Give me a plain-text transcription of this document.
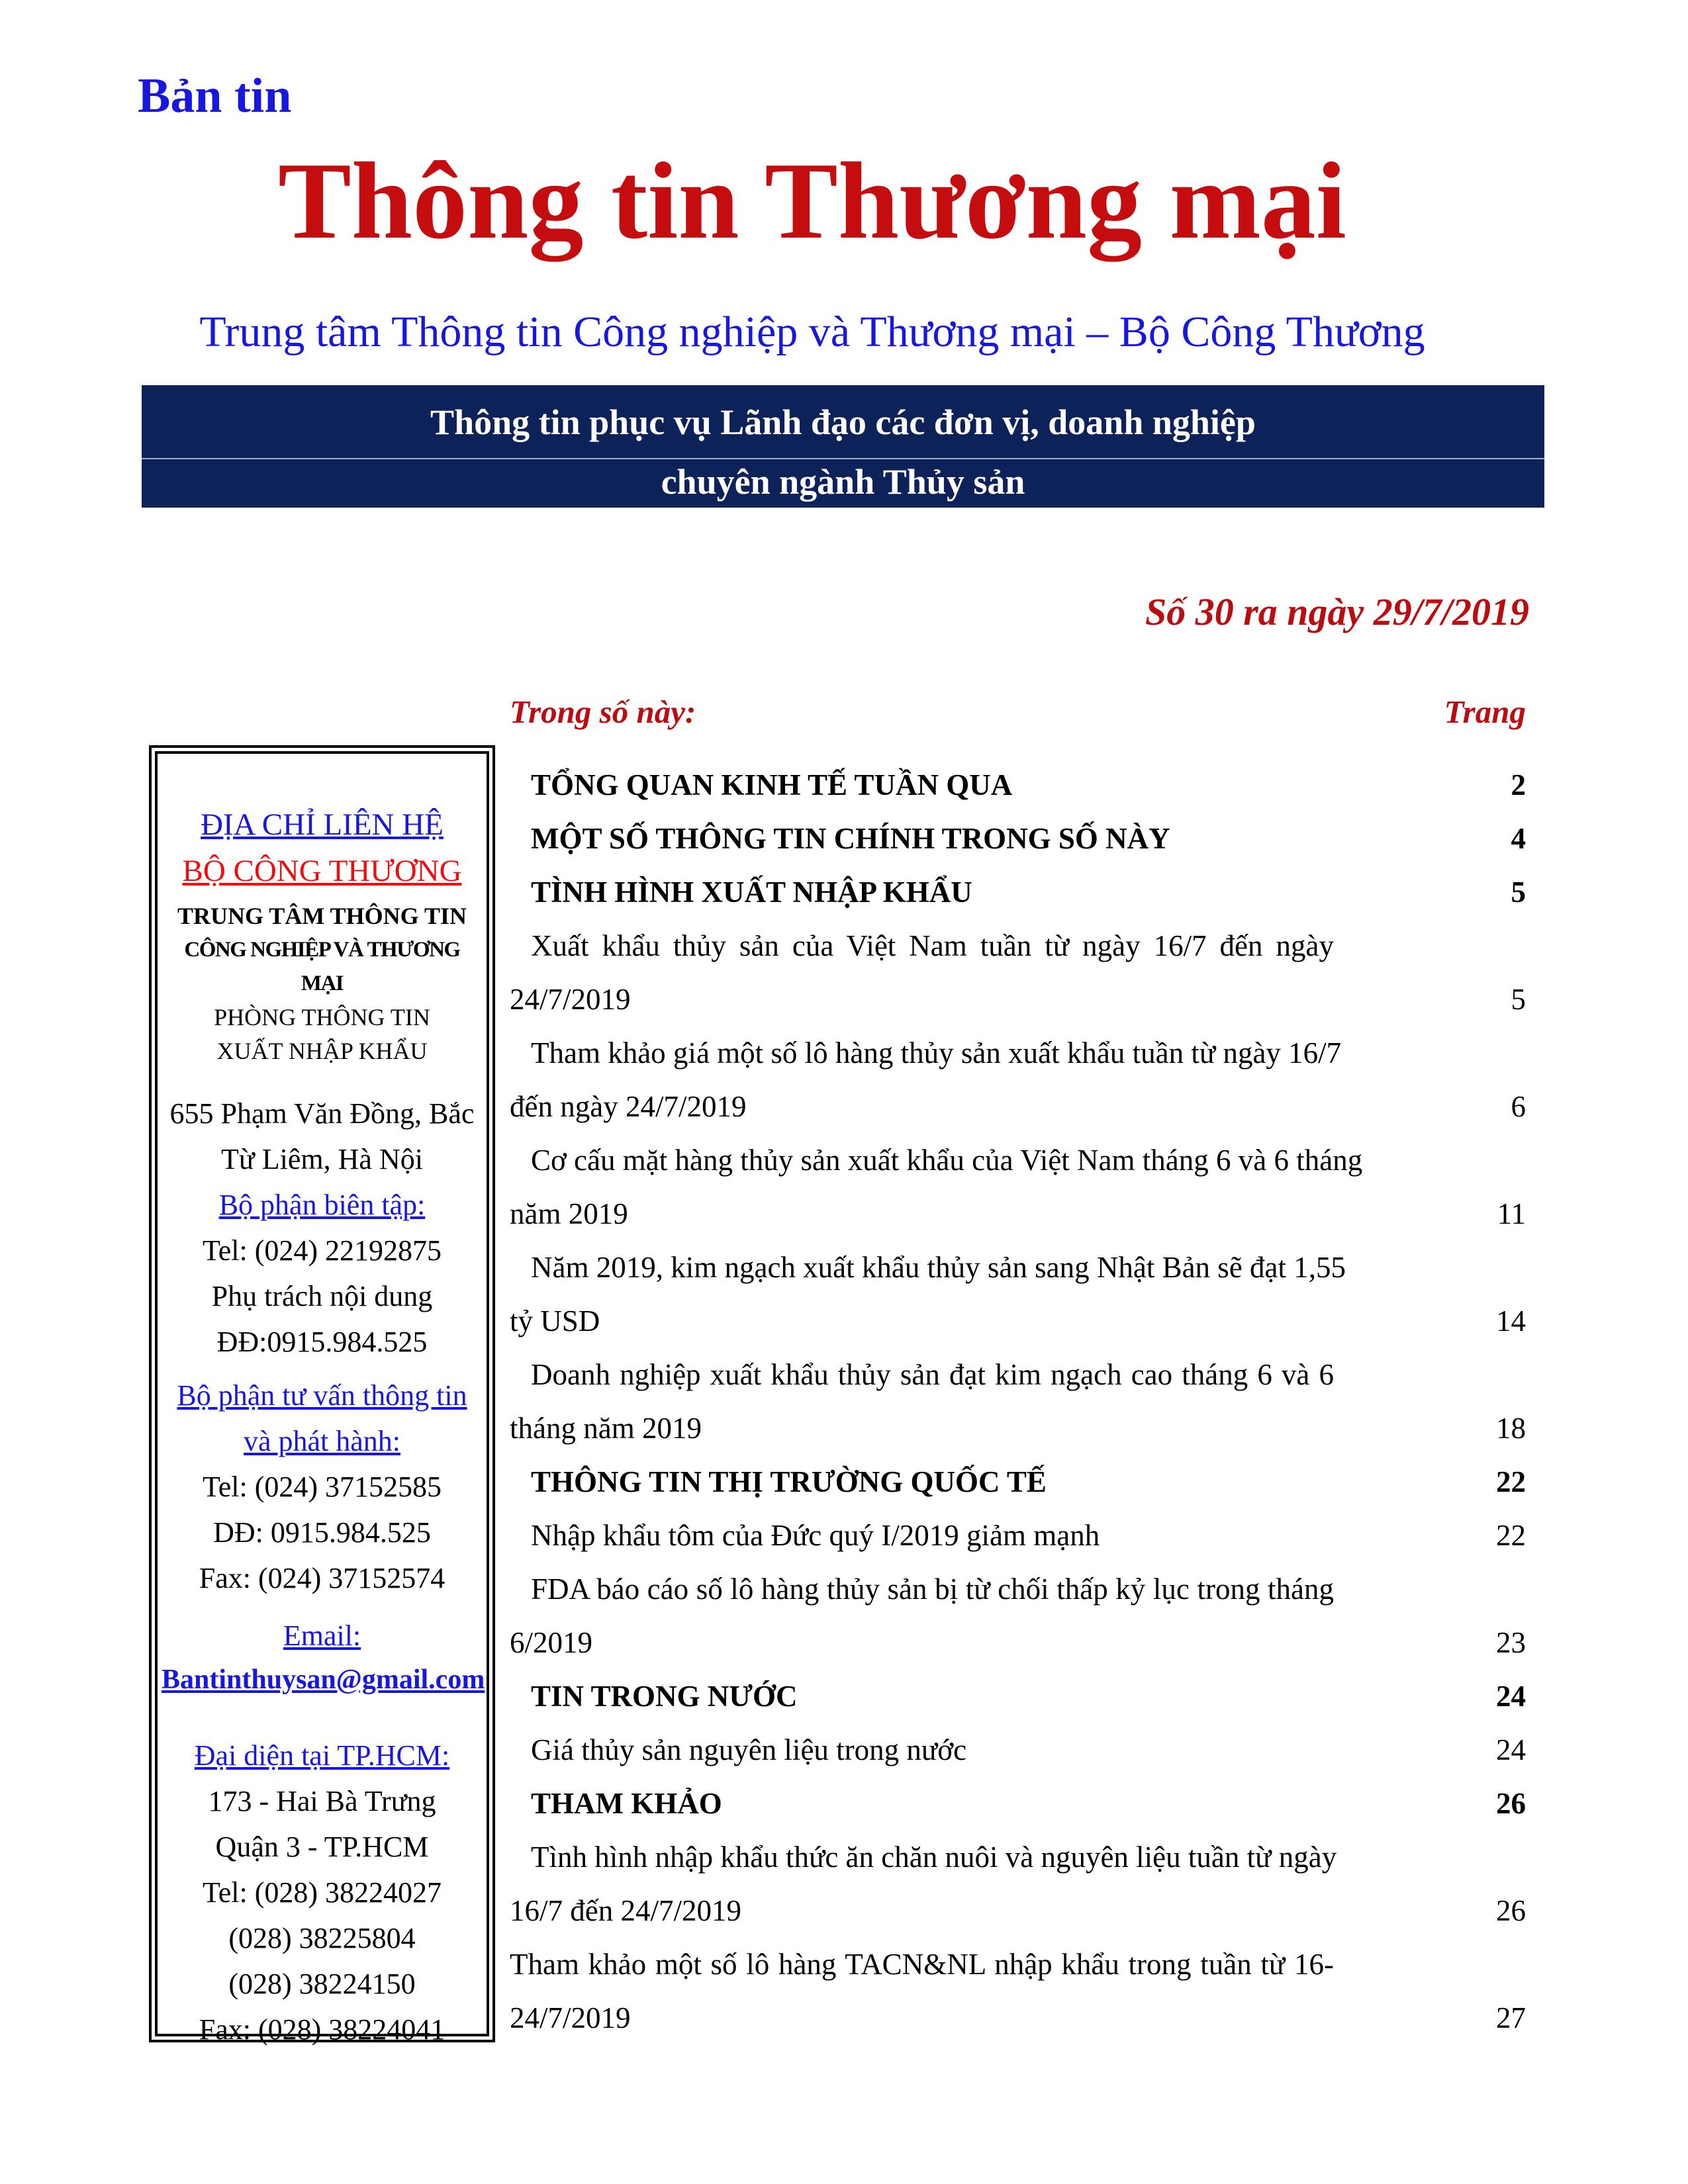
Bản tin
Thông tin Thương mại
Trung tâm Thông tin Công nghiệp và Thương mại – Bộ Công Thương
Thông tin phục vụ Lãnh đạo các đơn vị, doanh nghiệp
chuyên ngành Thủy sản
Số 30 ra ngày 29/7/2019
ĐỊA CHỈ LIÊN HỆ
BỘ CÔNG THƯƠNG
TRUNG TÂM THÔNG TIN
CÔNG NGHIỆP VÀ THƯƠNG MẠI
PHÒNG THÔNG TIN
XUẤT NHẬP KHẨU
655 Phạm Văn Đồng, Bắc
Từ Liêm, Hà Nội
Bộ phận biên tập:
Tel: (024) 22192875
Phụ trách nội dung
ĐĐ:0915.984.525
Bộ phận tư vấn thông tin
và phát hành:
Tel: (024) 37152585
DĐ: 0915.984.525
Fax: (024) 37152574
Email:
Bantinthuysan@gmail.com
Đại diện tại TP.HCM:
173 - Hai Bà Trưng
Quận 3 - TP.HCM
Tel: (028) 38224027
(028) 38225804
(028) 38224150
Fax: (028) 38224041
Trong số này:	Trang
TỔNG QUAN KINH TẾ TUẦN QUA	2
MỘT SỐ THÔNG TIN CHÍNH TRONG SỐ NÀY	4
TÌNH HÌNH XUẤT NHẬP KHẨU	5
Xuất khẩu thủy sản của Việt Nam tuần từ ngày 16/7 đến ngày
24/7/2019	5
Tham khảo giá một số lô hàng thủy sản xuất khẩu tuần từ ngày 16/7
đến ngày 24/7/2019	6
Cơ cấu mặt hàng thủy sản xuất khẩu của Việt Nam tháng 6 và 6 tháng
năm 2019	11
Năm 2019, kim ngạch xuất khẩu thủy sản sang Nhật Bản sẽ đạt 1,55
tỷ USD	14
Doanh nghiệp xuất khẩu thủy sản đạt kim ngạch cao tháng 6 và 6
tháng năm 2019	18
THÔNG TIN THỊ TRƯỜNG QUỐC TẾ	22
Nhập khẩu tôm của Đức quý I/2019 giảm mạnh	22
FDA báo cáo số lô hàng thủy sản bị từ chối thấp kỷ lục trong tháng
6/2019	23
TIN TRONG NƯỚC	24
Giá thủy sản nguyên liệu trong nước	24
THAM KHẢO	26
Tình hình nhập khẩu thức ăn chăn nuôi và nguyên liệu tuần từ ngày
16/7 đến 24/7/2019	26
Tham khảo một số lô hàng TACN&NL nhập khẩu trong tuần từ 16-
24/7/2019	27
